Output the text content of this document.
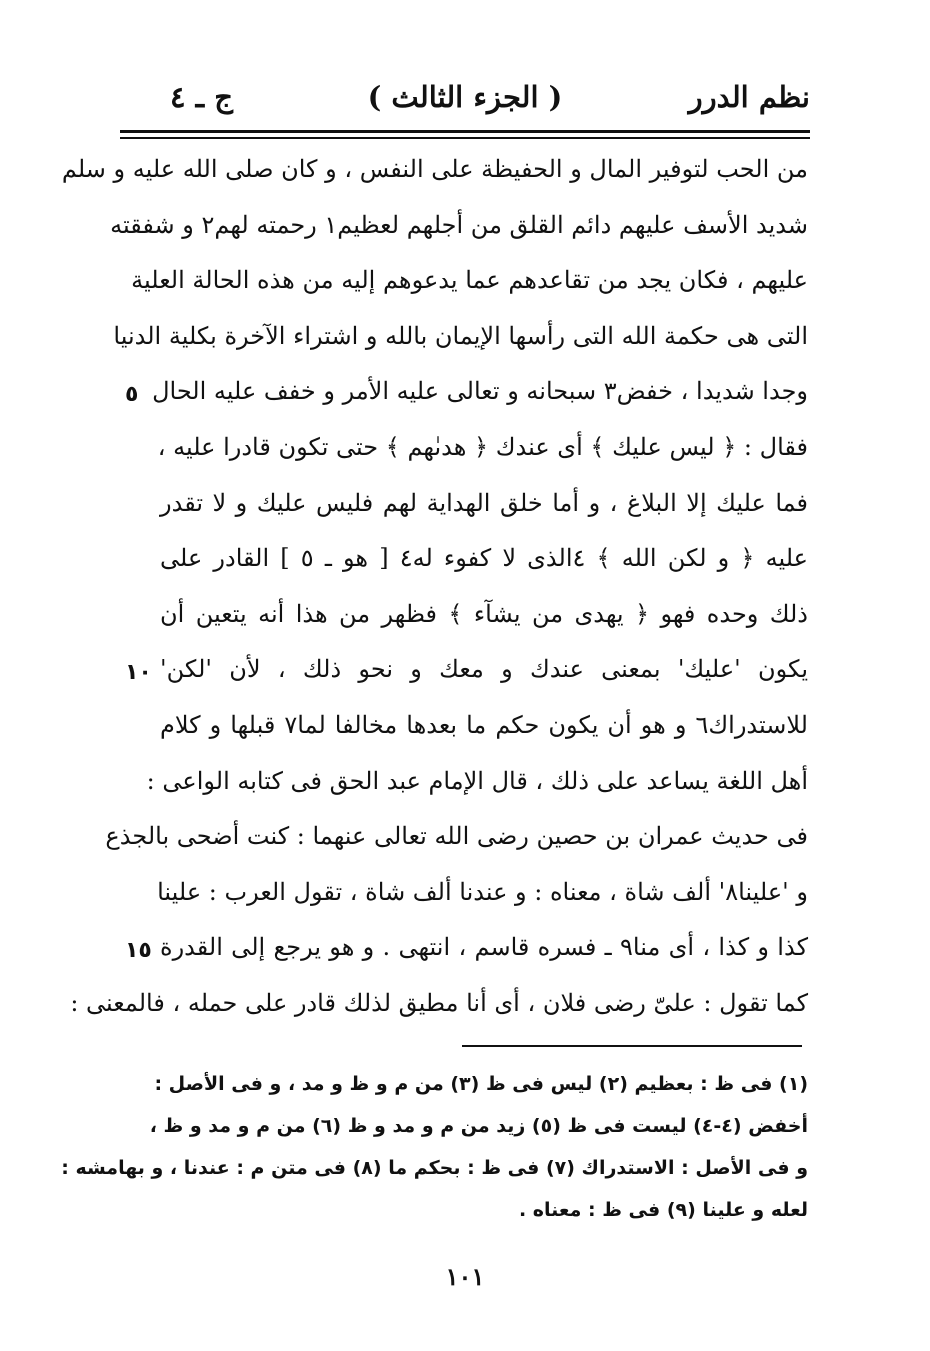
نظم الدرر
( الجزء الثالث )
ج ـ ٤
من الحب لتوفير المال و الحفيظة على النفس ، و كان صلى الله عليه و سلم
شديد الأسف عليهم دائم القلق من أجلهم لعظيم١ رحمته لهم٢ و شفقته
عليهم ، فكان يجد من تقاعدهم عما يدعوهم إليه من هذه الحالة العلية
التى هى حكمة الله التى رأسها الإيمان بالله و اشتراء الآخرة بكلية الدنيا
وجدا شديدا ، خفض٣ سبحانه و تعالى عليه الأمر و خفف عليه الحال
فقال : ﴿ ليس عليك ﴾ أى عندك ﴿ هدىٰهم ﴾ حتى تكون قادرا عليه ،
فما عليك إلا البلاغ ، و أما خلق الهداية لهم فليس عليك و لا تقدر
عليه ﴿ و لكن الله ﴾ ٤الذى لا كفوء له٤ [ هو ـ ٥ ] القادر على
ذلك وحده فهو ﴿ يهدى من يشآء ﴾ فظهر من هذا أنه يتعين أن
يكون 'عليك' بمعنى عندك و معك و نحو ذلك ، لأن 'لكن'
للاستدراك٦ و هو أن يكون حكم ما بعدها مخالفا لما٧ قبلها و كلام
أهل اللغة يساعد على ذلك ، قال الإمام عبد الحق فى كتابه الواعى :
فى حديث عمران بن حصين رضى الله تعالى عنهما : كنت أضحى بالجذع
و 'علينا٨' ألف شاة ، معناه : و عندنا ألف شاة ، تقول العرب : علينا
كذا و كذا ، أى منا٩ ـ فسره قاسم ، انتهى . و هو يرجع إلى القدرة
كما تقول : علىّ رضى فلان ، أى أنا مطيق لذلك قادر على حمله ، فالمعنى :
٥
١٠
١٥
(١) فى ظ : بعظيم (٢) ليس فى ظ (٣) من م و ظ و مد ، و فى الأصل :
أخفض (٤-٤) ليست فى ظ (٥) زيد من م و مد و ظ (٦) من م و مد و ظ ،
و فى الأصل : الاستدراك (٧) فى ظ : بحكم ما (٨) فى متن م : عندنا ، و بهامشه :
لعله و علينا (٩) فى ظ : معناه .
١٠١
